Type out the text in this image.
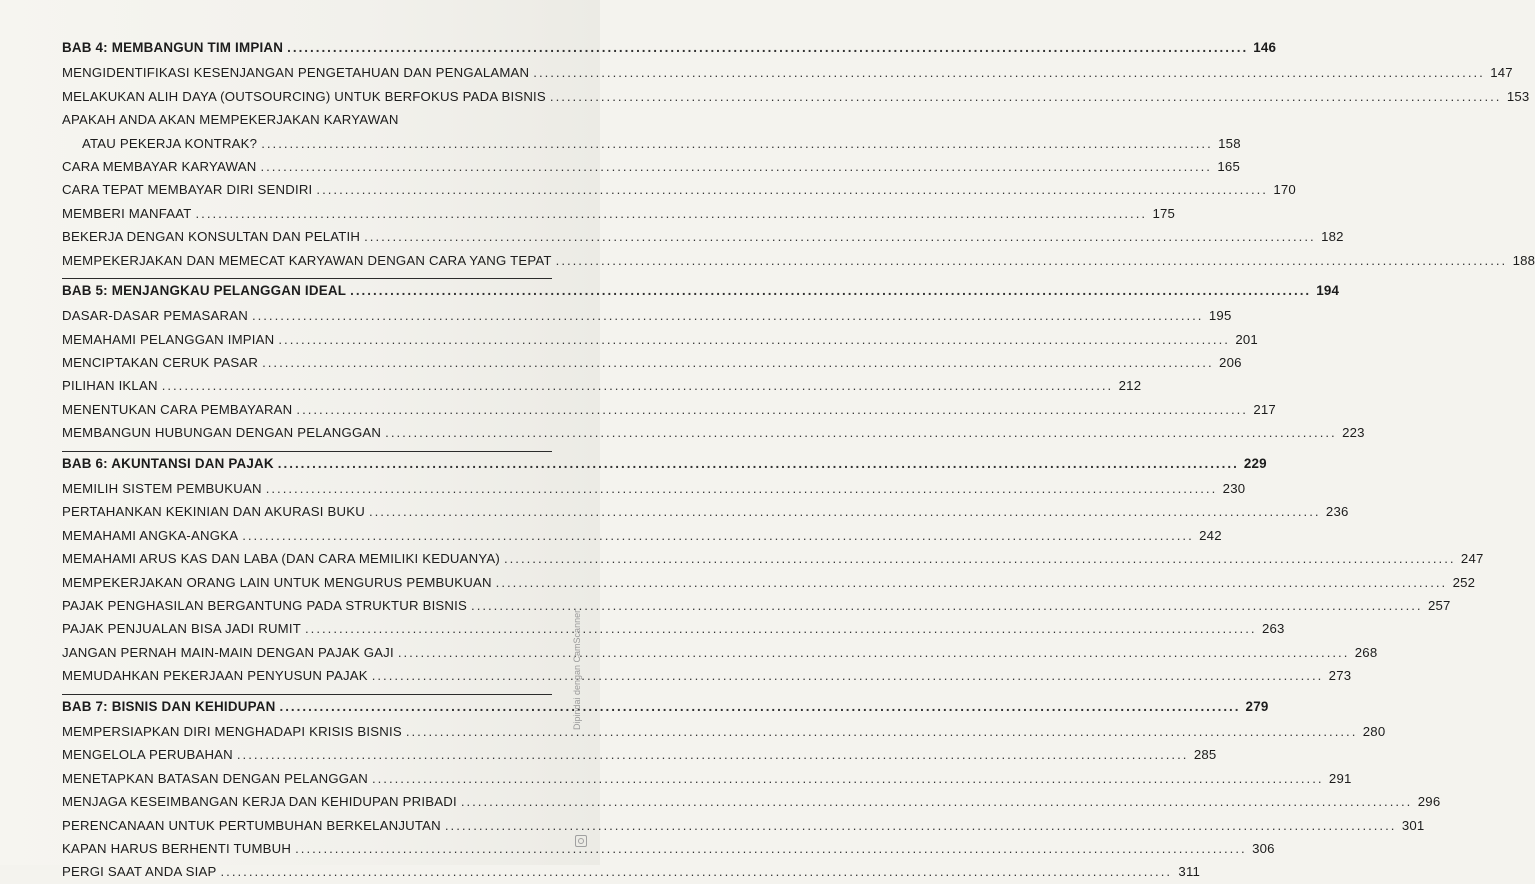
BAB 4: MEMBANGUN TIM IMPIAN .....	146
MENGIDENTIFIKASI KESENJANGAN PENGETAHUAN DAN PENGALAMAN .....	147
MELAKUKAN ALIH DAYA (OUTSOURCING) UNTUK BERFOKUS PADA BISNIS .....	153
APAKAH ANDA AKAN MEMPEKERJAKAN KARYAWAN
ATAU PEKERJA KONTRAK? .....	158
CARA MEMBAYAR KARYAWAN .....	165
CARA TEPAT MEMBAYAR DIRI SENDIRI .....	170
MEMBERI MANFAAT .....	175
BEKERJA DENGAN KONSULTAN DAN PELATIH .....	182
MEMPEKERJAKAN DAN MEMECAT KARYAWAN DENGAN CARA YANG TEPAT .....	188
BAB 5: MENJANGKAU PELANGGAN IDEAL .....	194
DASAR-DASAR PEMASARAN .....	195
MEMAHAMI PELANGGAN IMPIAN .....	201
MENCIPTAKAN CERUK PASAR .....	206
PILIHAN IKLAN .....	212
MENENTUKAN CARA PEMBAYARAN .....	217
MEMBANGUN HUBUNGAN DENGAN PELANGGAN .....	223
BAB 6: AKUNTANSI DAN PAJAK .....	229
MEMILIH SISTEM PEMBUKUAN .....	230
PERTAHANKAN KEKINIAN DAN AKURASI BUKU .....	236
MEMAHAMI ANGKA-ANGKA .....	242
MEMAHAMI ARUS KAS DAN LABA (DAN CARA MEMILIKI KEDUANYA) .....	247
MEMPEKERJAKAN ORANG LAIN UNTUK MENGURUS PEMBUKUAN .....	252
PAJAK PENGHASILAN BERGANTUNG PADA STRUKTUR BISNIS .....	257
PAJAK PENJUALAN BISA JADI RUMIT .....	263
JANGAN PERNAH MAIN-MAIN DENGAN PAJAK GAJI .....	268
MEMUDAHKAN PEKERJAAN PENYUSUN PAJAK .....	273
BAB 7: BISNIS DAN KEHIDUPAN .....	279
MEMPERSIAPKAN DIRI MENGHADAPI KRISIS BISNIS .....	280
MENGELOLA PERUBAHAN .....	285
MENETAPKAN BATASAN DENGAN PELANGGAN .....	291
MENJAGA KESEIMBANGAN KERJA DAN KEHIDUPAN PRIBADI .....	296
PERENCANAAN UNTUK PERTUMBUHAN BERKELANJUTAN .....	301
KAPAN HARUS BERHENTI TUMBUH .....	306
PERGI SAAT ANDA SIAP .....	311
Dipindai dengan CamScanner
